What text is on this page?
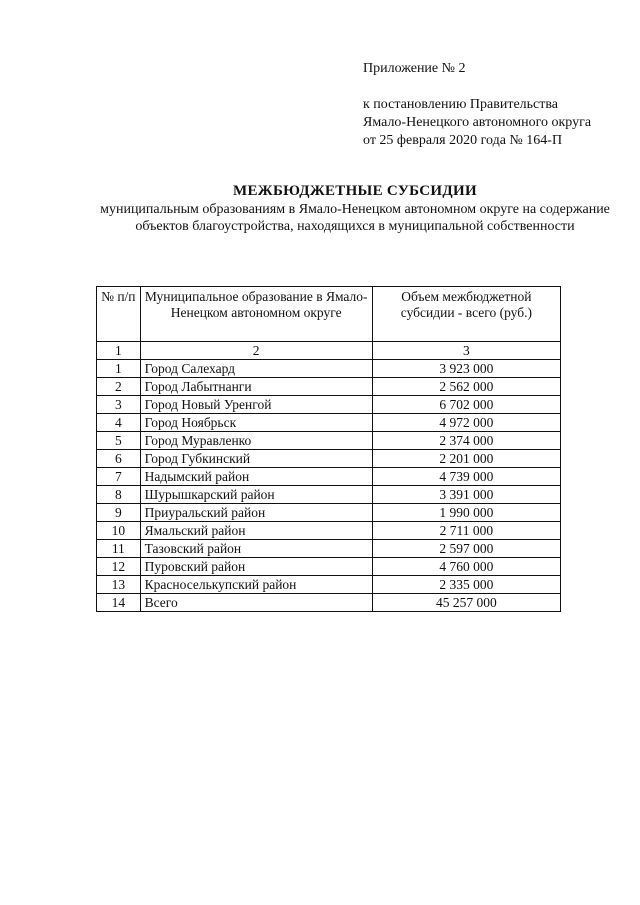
Приложение № 2
к постановлению Правительства
Ямало-Ненецкого автономного округа
от 25 февраля 2020 года № 164-П
МЕЖБЮДЖЕТНЫЕ СУБСИДИИ
муниципальным образованиям в Ямало-Ненецком автономном округе на содержание объектов благоустройства, находящихся в муниципальной собственности
№ п/п	Муниципальное образование в Ямало-Ненецком автономном округе	Объем межбюджетной субсидии - всего (руб.)
1	2	3
1	Город Салехард	3 923 000
2	Город Лабытнанги	2 562 000
3	Город Новый Уренгой	6 702 000
4	Город Ноябрьск	4 972 000
5	Город Муравленко	2 374 000
6	Город Губкинский	2 201 000
7	Надымский район	4 739 000
8	Шурышкарский район	3 391 000
9	Приуральский район	1 990 000
10	Ямальский район	2 711 000
11	Тазовский район	2 597 000
12	Пуровский район	4 760 000
13	Красноселькупский район	2 335 000
14	Всего	45 257 000
